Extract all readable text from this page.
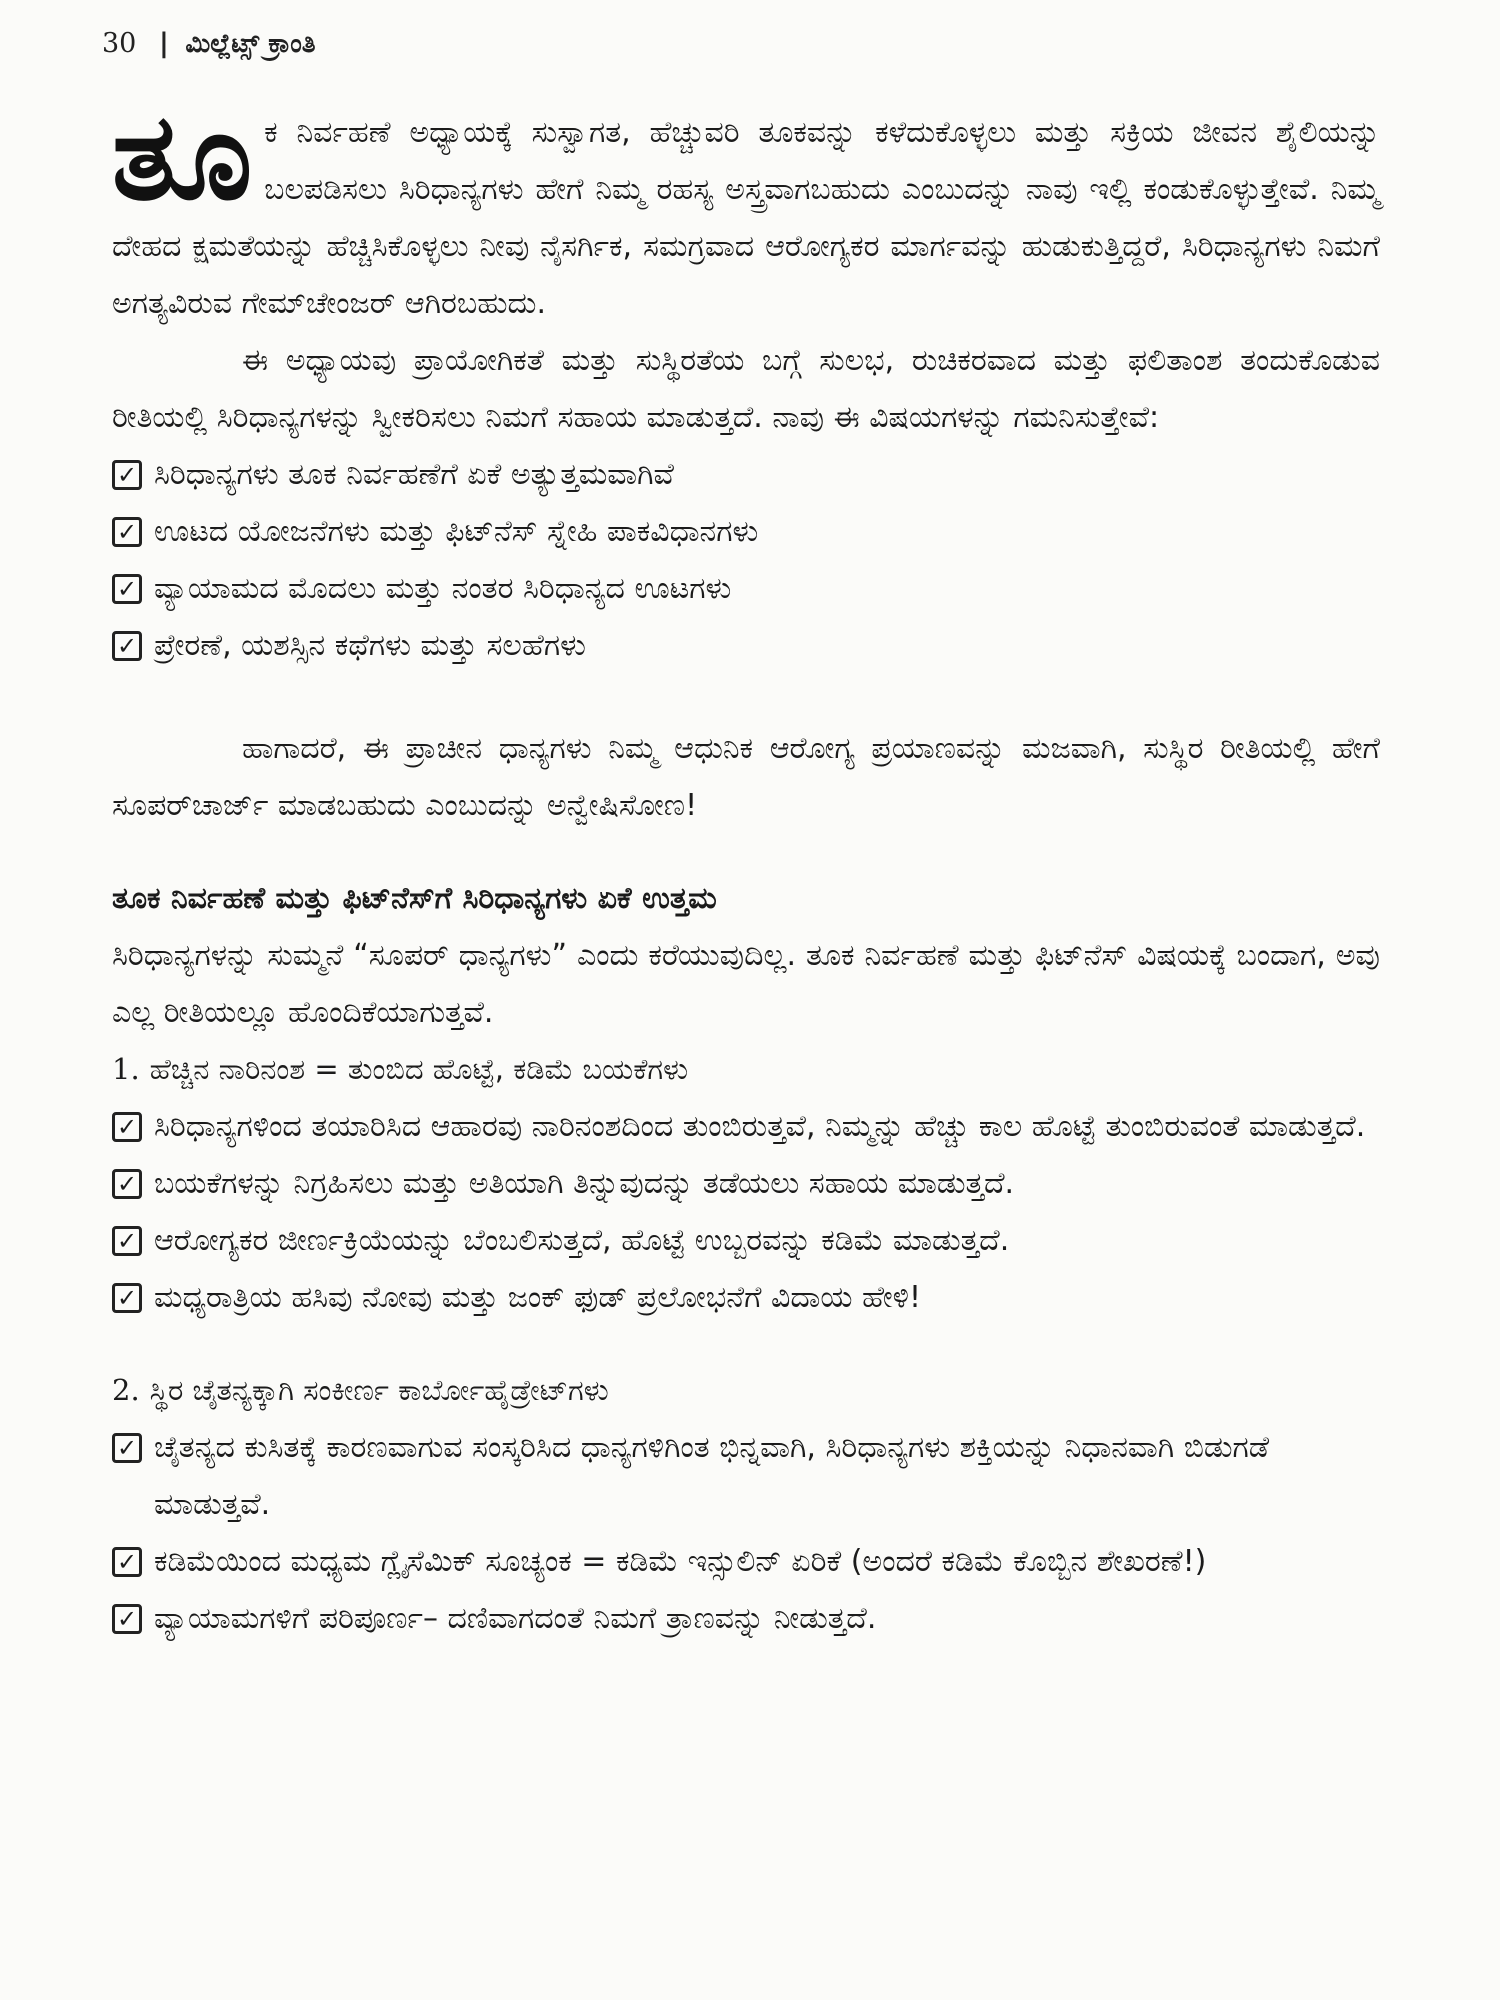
30 | ಮಿಲ್ಲೆಟ್ಸ್ ಕ್ರಾಂತಿ
ತೂ ಕ ನಿರ್ವಹಣೆ ಅಧ್ಯಾಯಕ್ಕೆ ಸುಸ್ವಾಗತ, ಹೆಚ್ಚುವರಿ ತೂಕವನ್ನು ಕಳೆದುಕೊಳ್ಳಲು ಮತ್ತು ಸಕ್ರಿಯ ಜೀವನ ಶೈಲಿಯನ್ನು ಬಲಪಡಿಸಲು ಸಿರಿಧಾನ್ಯಗಳು ಹೇಗೆ ನಿಮ್ಮ ರಹಸ್ಯ ಅಸ್ತ್ರವಾಗಬಹುದು ಎಂಬುದನ್ನು ನಾವು ಇಲ್ಲಿ ಕಂಡುಕೊಳ್ಳುತ್ತೇವೆ. ನಿಮ್ಮ ದೇಹದ ಕ್ಷಮತೆಯನ್ನು ಹೆಚ್ಚಿಸಿಕೊಳ್ಳಲು ನೀವು ನೈಸರ್ಗಿಕ, ಸಮಗ್ರವಾದ ಆರೋಗ್ಯಕರ ಮಾರ್ಗವನ್ನು ಹುಡುಕುತ್ತಿದ್ದರೆ, ಸಿರಿಧಾನ್ಯಗಳು ನಿಮಗೆ ಅಗತ್ಯವಿರುವ ಗೇಮ್‌ಚೇಂಜರ್ ಆಗಿರಬಹುದು.

ಈ ಅಧ್ಯಾಯವು ಪ್ರಾಯೋಗಿಕತೆ ಮತ್ತು ಸುಸ್ಥಿರತೆಯ ಬಗ್ಗೆ ಸುಲಭ, ರುಚಿಕರವಾದ ಮತ್ತು ಫಲಿತಾಂಶ ತಂದುಕೊಡುವ ರೀತಿಯಲ್ಲಿ ಸಿರಿಧಾನ್ಯಗಳನ್ನು ಸ್ವೀಕರಿಸಲು ನಿಮಗೆ ಸಹಾಯ ಮಾಡುತ್ತದೆ. ನಾವು ಈ ವಿಷಯಗಳನ್ನು ಗಮನಿಸುತ್ತೇವೆ:

✓ ಸಿರಿಧಾನ್ಯಗಳು ತೂಕ ನಿರ್ವಹಣೆಗೆ ಏಕೆ ಅತ್ಯುತ್ತಮವಾಗಿವೆ
✓ ಊಟದ ಯೋಜನೆಗಳು ಮತ್ತು ಫಿಟ್‌ನೆಸ್ ಸ್ನೇಹಿ ಪಾಕವಿಧಾನಗಳು
✓ ವ್ಯಾಯಾಮದ ಮೊದಲು ಮತ್ತು ನಂತರ ಸಿರಿಧಾನ್ಯದ ಊಟಗಳು
✓ ಪ್ರೇರಣೆ, ಯಶಸ್ಸಿನ ಕಥೆಗಳು ಮತ್ತು ಸಲಹೆಗಳು

ಹಾಗಾದರೆ, ಈ ಪ್ರಾಚೀನ ಧಾನ್ಯಗಳು ನಿಮ್ಮ ಆಧುನಿಕ ಆರೋಗ್ಯ ಪ್ರಯಾಣವನ್ನು ಮಜವಾಗಿ, ಸುಸ್ಥಿರ ರೀತಿಯಲ್ಲಿ ಹೇಗೆ ಸೂಪರ್‌ಚಾರ್ಜ್ ಮಾಡಬಹುದು ಎಂಬುದನ್ನು ಅನ್ವೇಷಿಸೋಣ!

ತೂಕ ನಿರ್ವಹಣೆ ಮತ್ತು ಫಿಟ್‌ನೆಸ್‌ಗೆ ಸಿರಿಧಾನ್ಯಗಳು ಏಕೆ ಉತ್ತಮ

ಸಿರಿಧಾನ್ಯಗಳನ್ನು ಸುಮ್ಮನೆ “ಸೂಪರ್ ಧಾನ್ಯಗಳು” ಎಂದು ಕರೆಯುವುದಿಲ್ಲ. ತೂಕ ನಿರ್ವಹಣೆ ಮತ್ತು ಫಿಟ್‌ನೆಸ್ ವಿಷಯಕ್ಕೆ ಬಂದಾಗ, ಅವು ಎಲ್ಲ ರೀತಿಯಲ್ಲೂ ಹೊಂದಿಕೆಯಾಗುತ್ತವೆ.

1. ಹೆಚ್ಚಿನ ನಾರಿನಂಶ = ತುಂಬಿದ ಹೊಟ್ಟೆ, ಕಡಿಮೆ ಬಯಕೆಗಳು
✓ ಸಿರಿಧಾನ್ಯಗಳಿಂದ ತಯಾರಿಸಿದ ಆಹಾರವು ನಾರಿನಂಶದಿಂದ ತುಂಬಿರುತ್ತವೆ, ನಿಮ್ಮನ್ನು ಹೆಚ್ಚು ಕಾಲ ಹೊಟ್ಟೆ ತುಂಬಿರುವಂತೆ ಮಾಡುತ್ತದೆ.
✓ ಬಯಕೆಗಳನ್ನು ನಿಗ್ರಹಿಸಲು ಮತ್ತು ಅತಿಯಾಗಿ ತಿನ್ನುವುದನ್ನು ತಡೆಯಲು ಸಹಾಯ ಮಾಡುತ್ತದೆ.
✓ ಆರೋಗ್ಯಕರ ಜೀರ್ಣಕ್ರಿಯೆಯನ್ನು ಬೆಂಬಲಿಸುತ್ತದೆ, ಹೊಟ್ಟೆ ಉಬ್ಬರವನ್ನು ಕಡಿಮೆ ಮಾಡುತ್ತದೆ.
✓ ಮಧ್ಯರಾತ್ರಿಯ ಹಸಿವು ನೋವು ಮತ್ತು ಜಂಕ್ ಫುಡ್ ಪ್ರಲೋಭನೆಗೆ ವಿದಾಯ ಹೇಳಿ!
2. ಸ್ಥಿರ ಚೈತನ್ಯಕ್ಕಾಗಿ ಸಂಕೀರ್ಣ ಕಾರ್ಬೋಹೈಡ್ರೇಟ್‌ಗಳು
✓ ಚೈತನ್ಯದ ಕುಸಿತಕ್ಕೆ ಕಾರಣವಾಗುವ ಸಂಸ್ಕರಿಸಿದ ಧಾನ್ಯಗಳಿಗಿಂತ ಭಿನ್ನವಾಗಿ, ಸಿರಿಧಾನ್ಯಗಳು ಶಕ್ತಿಯನ್ನು ನಿಧಾನವಾಗಿ ಬಿಡುಗಡೆ ಮಾಡುತ್ತವೆ.
✓ ಕಡಿಮೆಯಿಂದ ಮಧ್ಯಮ ಗ್ಲೈಸೆಮಿಕ್ ಸೂಚ್ಯಂಕ = ಕಡಿಮೆ ಇನ್ಸುಲಿನ್ ಏರಿಕೆ (ಅಂದರೆ ಕಡಿಮೆ ಕೊಬ್ಬಿನ ಶೇಖರಣೆ!)
✓ ವ್ಯಾಯಾಮಗಳಿಗೆ ಪರಿಪೂರ್ಣ– ದಣಿವಾಗದಂತೆ ನಿಮಗೆ ತ್ರಾಣವನ್ನು ನೀಡುತ್ತದೆ.
